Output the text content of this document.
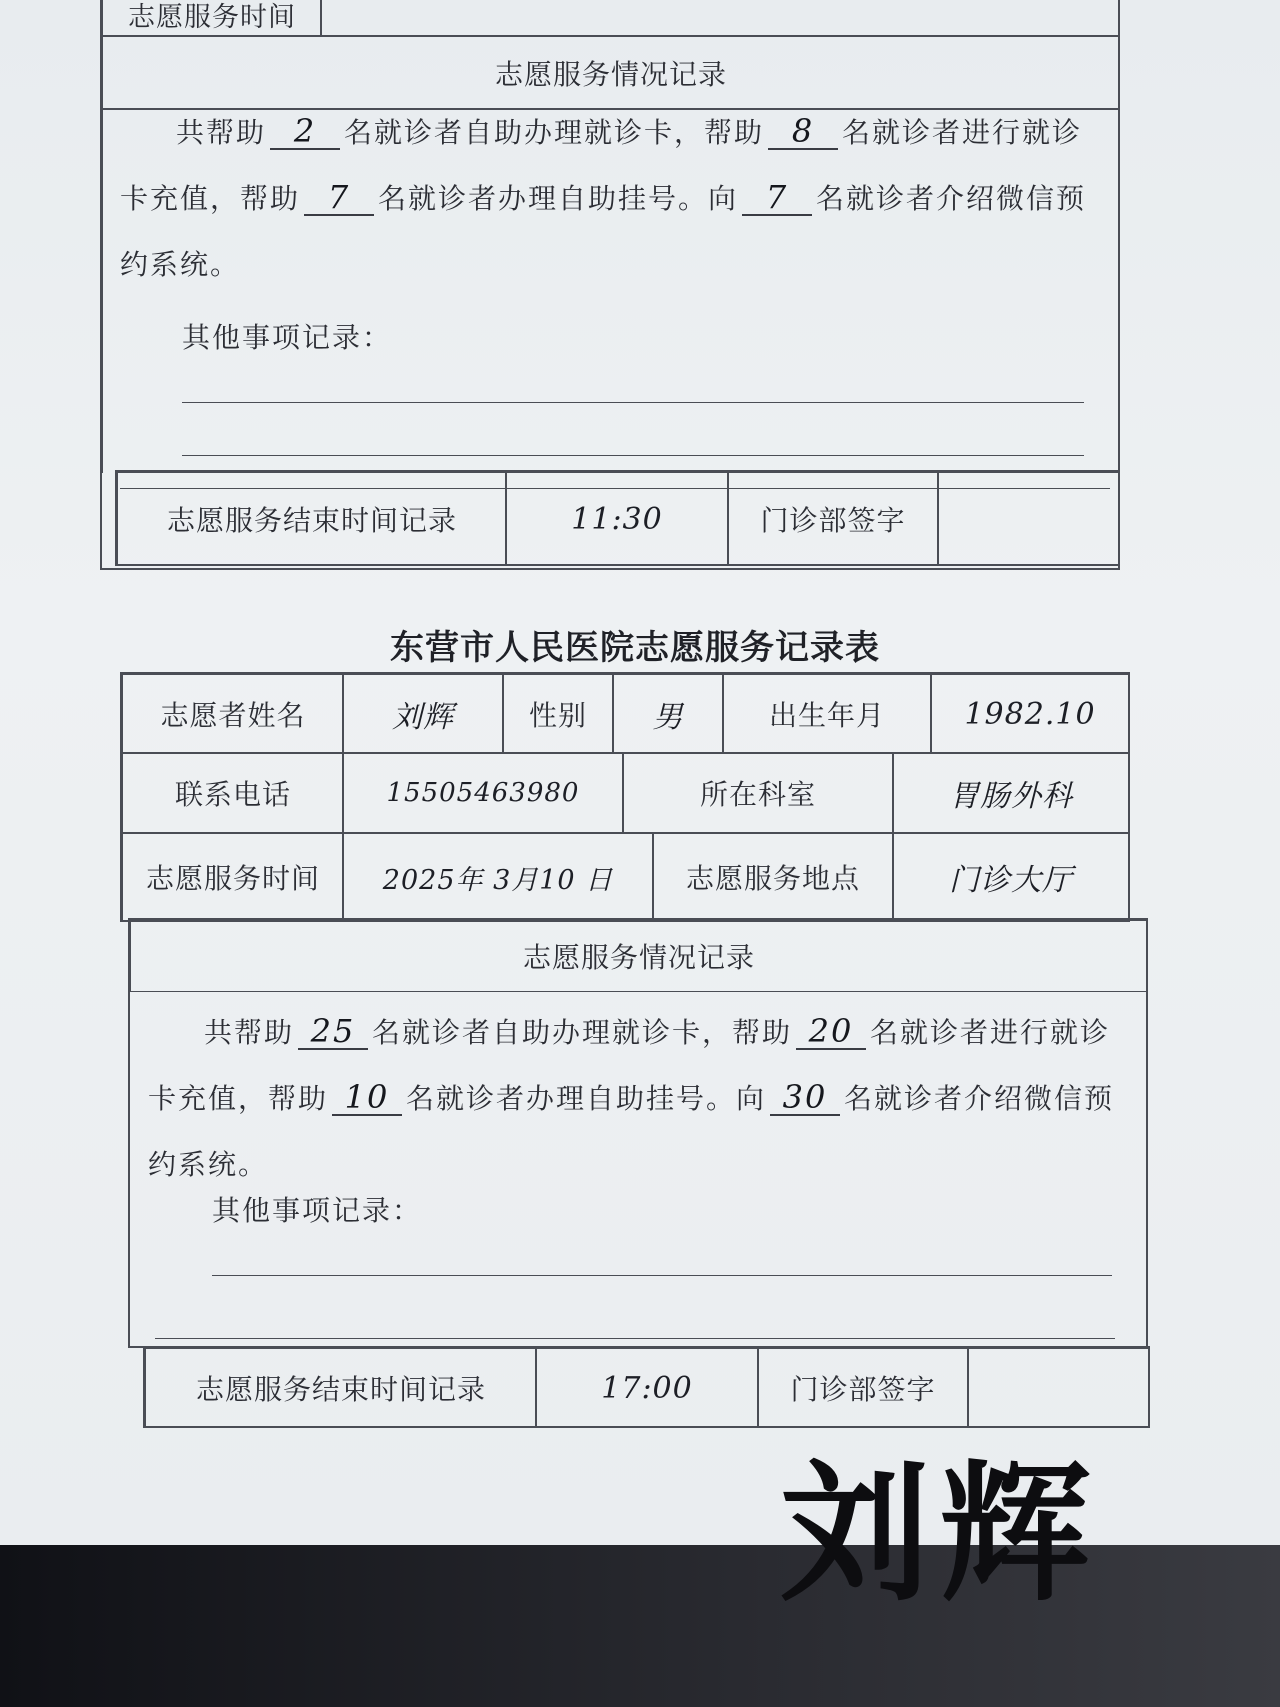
志愿服务时间
志愿服务情况记录
共帮助 2 名就诊者自助办理就诊卡，帮助 8 名就诊者进行就诊卡充值，帮助 7 名就诊者办理自助挂号。向 7 名就诊者介绍微信预约系统。
其他事项记录：
志愿服务结束时间记录	11:30	门诊部签字
东营市人民医院志愿服务记录表
志愿者姓名	刘辉	性别	男	出生年月	1982.10
联系电话	15505463980	所在科室	胃肠外科
志愿服务时间	2025年 3月10 日	志愿服务地点	门诊大厅
志愿服务情况记录
共帮助 25 名就诊者自助办理就诊卡，帮助 20 名就诊者进行就诊卡充值，帮助 10 名就诊者办理自助挂号。向 30 名就诊者介绍微信预约系统。
其他事项记录：
志愿服务结束时间记录	17:00	门诊部签字
刘辉
